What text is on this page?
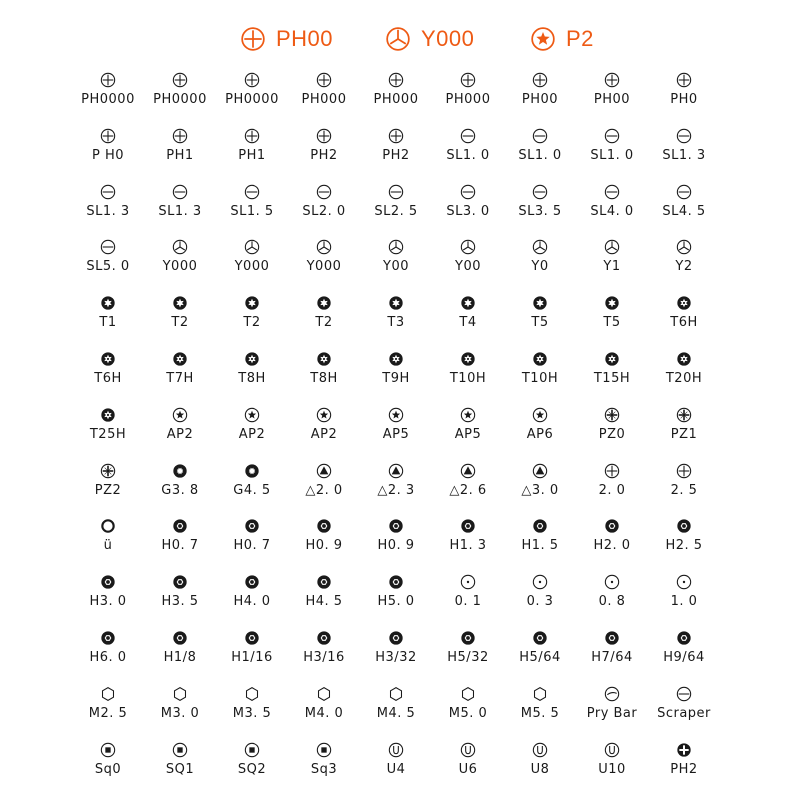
PH00	Y000	P2
PH0000	PH0000	PH0000	PH000	PH000	PH000	PH00	PH00	PH0
P H0	PH1	PH1	PH2	PH2	SL1. 0	SL1. 0	SL1. 0	SL1. 3
SL1. 3	SL1. 3	SL1. 5	SL2. 0	SL2. 5	SL3. 0	SL3. 5	SL4. 0	SL4. 5
SL5. 0	Y000	Y000	Y000	Y00	Y00	Y0	Y1	Y2
T1	T2	T2	T2	T3	T4	T5	T5	T6H
T6H	T7H	T8H	T8H	T9H	T10H	T10H	T15H	T20H
T25H	AP2	AP2	AP2	AP5	AP5	AP6	PZ0	PZ1
PZ2	G3. 8	G4. 5	△2. 0	△2. 3	△2. 6	△3. 0	2. 0	2. 5
ü	H0. 7	H0. 7	H0. 9	H0. 9	H1. 3	H1. 5	H2. 0	H2. 5
H3. 0	H3. 5	H4. 0	H4. 5	H5. 0	0. 1	0. 3	0. 8	1. 0
H6. 0	H1/8	H1/16	H3/16	H3/32	H5/32	H5/64	H7/64	H9/64
M2. 5	M3. 0	M3. 5	M4. 0	M4. 5	M5. 0	M5. 5	Pry Bar	Scraper
Sq0	SQ1	SQ2	Sq3	U4	U6	U8	U10	PH2
